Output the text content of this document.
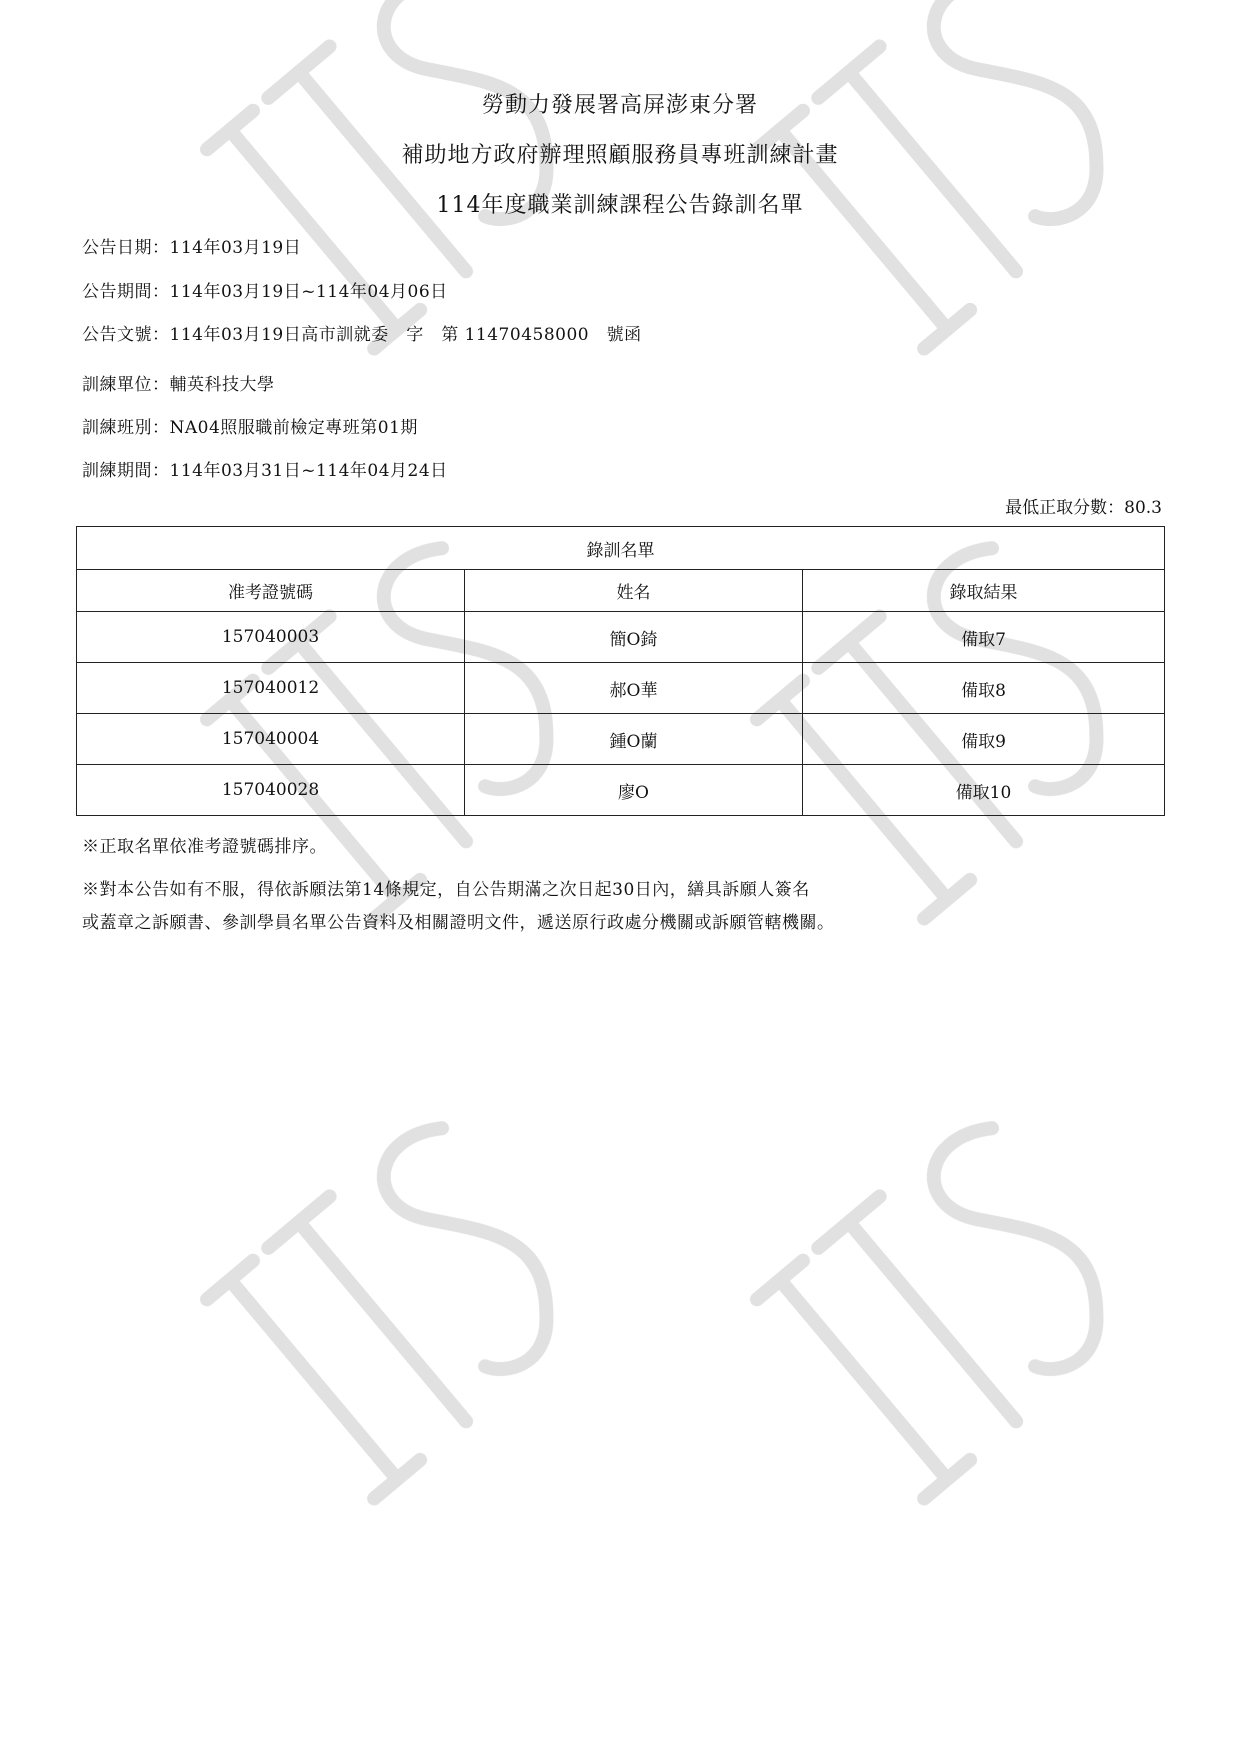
勞動力發展署高屏澎東分署
補助地方政府辦理照顧服務員專班訓練計畫
114年度職業訓練課程公告錄訓名單
公告日期：114年03月19日
公告期間：114年03月19日~114年04月06日
公告文號：114年03月19日高市訓就委　字　第 11470458000　號函
訓練單位：輔英科技大學
訓練班別：NA04照服職前檢定專班第01期
訓練期間：114年03月31日~114年04月24日
最低正取分數：80.3
錄訓名單		
准考證號碼	姓名	錄取結果
157040003	簡O錡	備取7
157040012	郝O華	備取8
157040004	鍾O蘭	備取9
157040028	廖O	備取10
※正取名單依准考證號碼排序。
※對本公告如有不服，得依訴願法第14條規定，自公告期滿之次日起30日內，繕具訴願人簽名
或蓋章之訴願書、參訓學員名單公告資料及相關證明文件，遞送原行政處分機關或訴願管轄機關。
